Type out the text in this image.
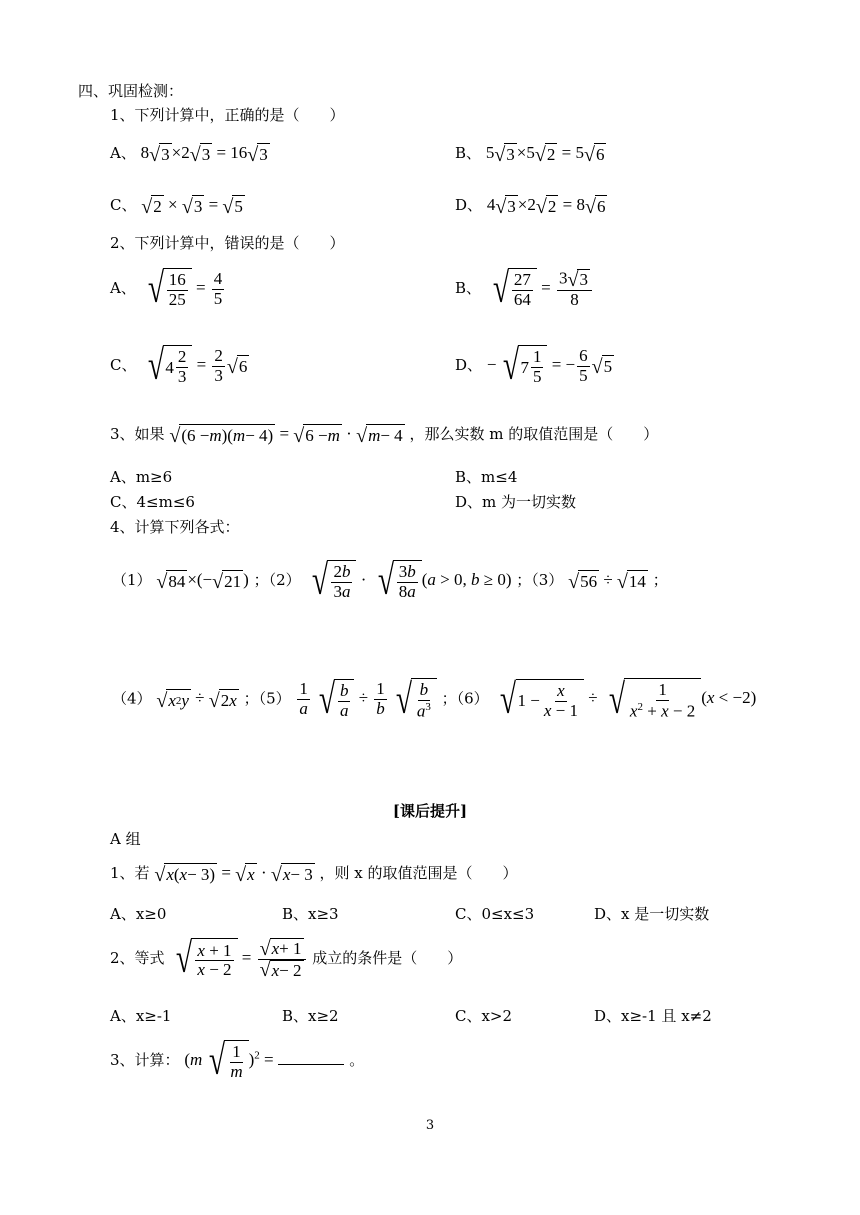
四、巩固检测：
1、下列计算中，正确的是（　　）
A、 8 √ 3 ×2 √ 3 = 16 √ 3	B、 5 √ 3 ×5 √ 2 = 5 √ 6
C、 √ 2 × √ 3 = √ 5	D、 4 √ 3 ×2 √ 2 = 8 √ 6
2、下列计算中，错误的是（　　）
A、 √ $\frac{16}{25} = \frac{4}{5}$	B、 √ $\frac{27}{64} = \frac{3 √ 3}{8}$
C、 √ $4 \frac{2}{3} = \frac{2}{3}$ √ 6	D、 − √ $7 \frac{1}{5}$ = − $\frac{6}{5}$ √ 5
3、如果 √ (6 − m )( m − 4) = √ 6 − m · √ m − 4 ，那么实数 m 的取值范围是（　　）
A、m≥6	B、m≤4
C、4≤m≤6	D、m 为一切实数
4、计算下列各式：
（1） √ 84 ×(− √ 21 ) ；（2） √ $\frac{2b}{3a}$ · √ $\frac{3b}{8a} (a > 0$, b ≥ 0) ；（3） √ 56 ÷ √ 14 ；
（4） √ x 2 y ÷ √ 2 x ；$(5) \frac{1}{a}$ √ $\frac{b}{a} \div \frac{1}{b}$ √ $\frac{b}{a^3}$ ；（6） √ $1 - \frac{x}{x - 1}$ ÷ √ $\frac{1}{x^2 + x - 2} (x < -2)$
[课后提升]
A 组
1、若 √ x ( x − 3) = √ x · √ x − 3 ，则 x 的取值范围是（　　）
A、x≥0	B、x≥3	C、0≤x≤3	D、x 是一切实数
2、等式 √ $\frac{x + 1}{x - 2} = \frac{√ x + 1}{√ x - 2}$ 成立的条件是（　　）
A、x≥-1	B、x≥2	C、x>2	D、x≥-1 且 x≠2
3、计算： (m √ $\frac{1}{m} )^2$ =	。
3
